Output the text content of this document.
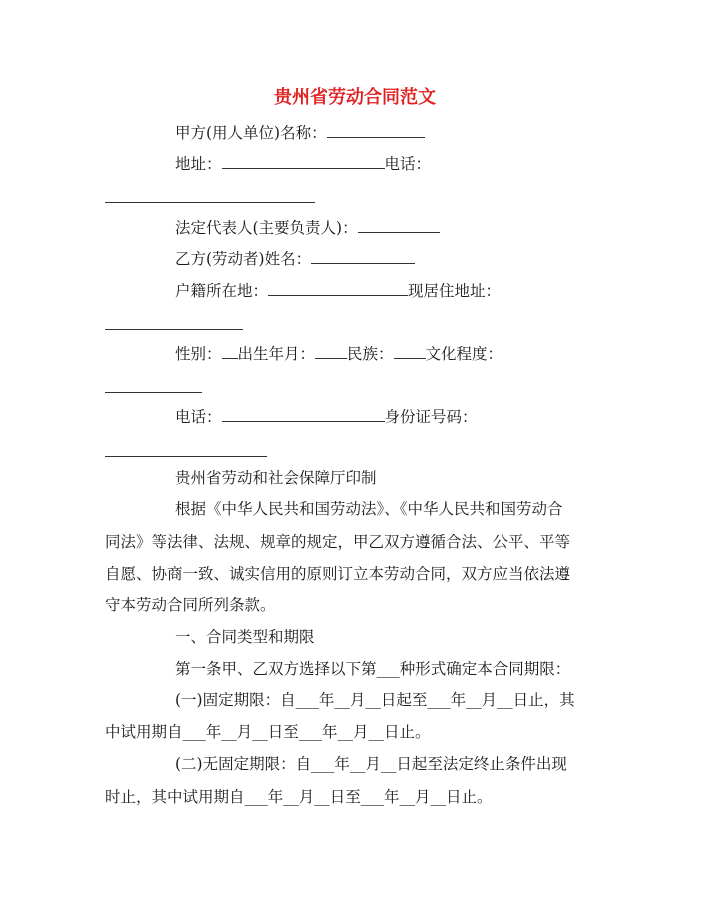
贵州省劳动合同范文
甲方(用人单位)名称：
地址：	电话：
法定代表人(主要负责人)：
乙方(劳动者)姓名：
户籍所在地：	现居住地址：
性别： 出生年月： 民族： 文化程度：
电话：	身份证号码：
贵州省劳动和社会保障厅印制
根据《中华人民共和国劳动法》、《中华人民共和国劳动合
同法》等法律、法规、规章的规定，甲乙双方遵循合法、公平、平等
自愿、协商一致、诚实信用的原则订立本劳动合同，双方应当依法遵
守本劳动合同所列条款。
一、合同类型和期限
第一条甲、乙双方选择以下第___种形式确定本合同期限：
(一)固定期限：自___年__月__日起至___年__月__日止，其
中试用期自___年__月__日至___年__月__日止。
(二)无固定期限：自___年__月__日起至法定终止条件出现
时止，其中试用期自___年__月__日至___年__月__日止。
